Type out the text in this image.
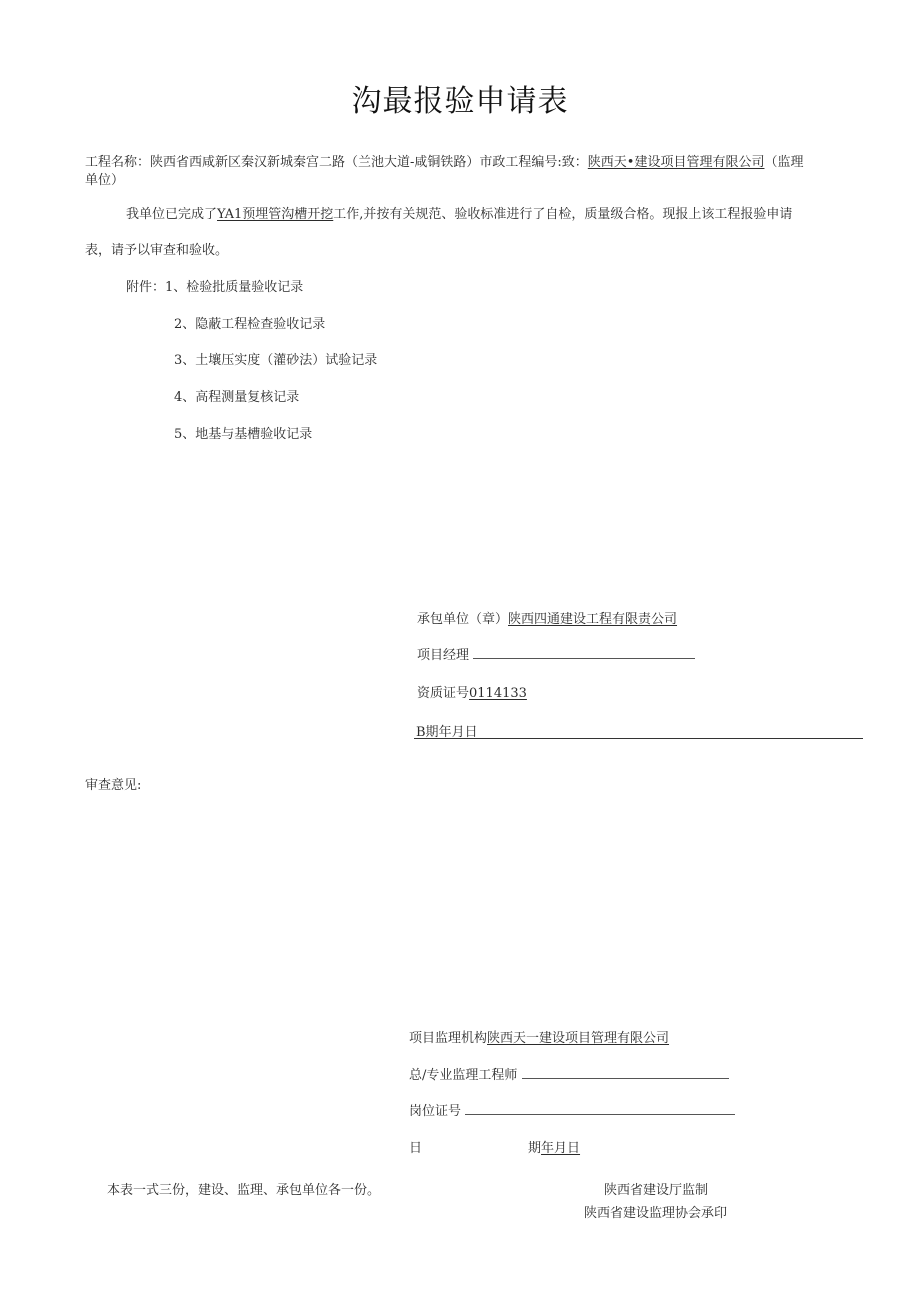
沟最报验申请表
工程名称：陕西省西咸新区秦汉新城秦宫二路（兰池大道-咸铜铁路）市政工程编号:致：陕西天•建设项目管理有限公司（监理
单位）
我单位已完成了YA1预埋管沟槽开挖工作,并按有关规范、验收标准进行了自检，质量级合格。现报上该工程报验申请
表，请予以审查和验收。
附件：1、检验批质量验收记录
2、隐蔽工程检查验收记录
3、土壤压实度（灌砂法）试验记录
4、高程测量复核记录
5、地基与基槽验收记录
承包单位（章）陕西四通建设工程有限责公司
项目经理
资质证号0114133
B期年月日
审查意见:
项目监理机构陕西天一建设项目管理有限公司
总/专业监理工程师
岗位证号
日	期年月日
本表一式三份，建设、监理、承包单位各一份。	陕西省建设厅监制
陕西省建设监理协会承印
